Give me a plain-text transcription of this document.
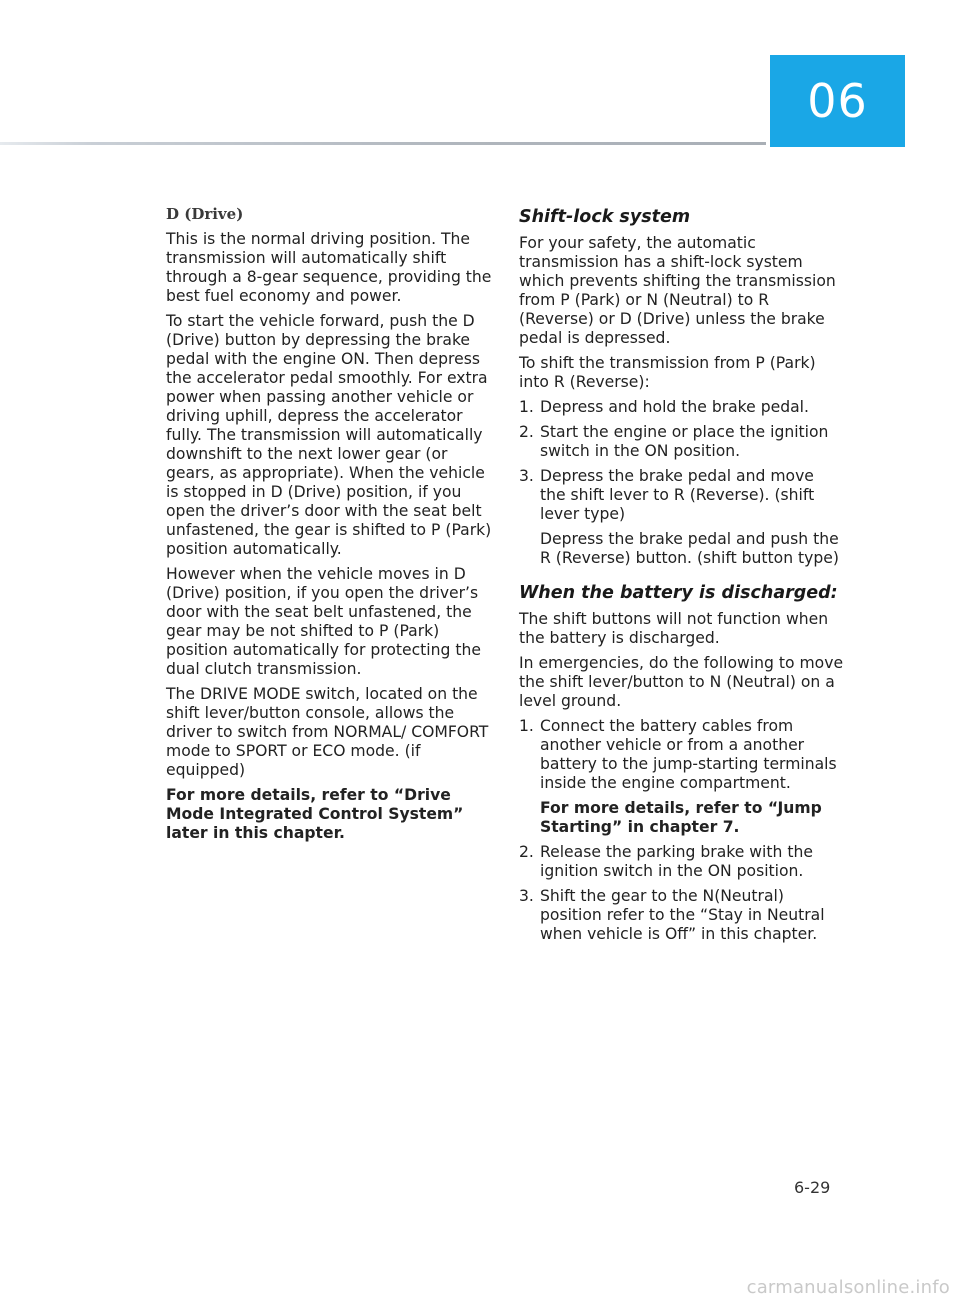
06
D (Drive)

This is the normal driving position. The transmission will automatically shift through a 8-gear sequence, providing the best fuel economy and power.

To start the vehicle forward, push the D (Drive) button by depressing the brake pedal with the engine ON. Then depress the accelerator pedal smoothly. For extra power when passing another vehicle or driving uphill, depress the accelerator fully. The transmission will automatically downshift to the next lower gear (or gears, as appropriate). When the vehicle is stopped in D (Drive) position, if you open the driver’s door with the seat belt unfastened, the gear is shifted to P (Park) position automatically.

However when the vehicle moves in D (Drive) position, if you open the driver’s door with the seat belt unfastened, the gear may be not shifted to P (Park) position automatically for protecting the dual clutch transmission.

The DRIVE MODE switch, located on the shift lever/button console, allows the driver to switch from NORMAL/ COMFORT mode to SPORT or ECO mode. (if equipped)

For more details, refer to “Drive Mode Integrated Control System” later in this chapter.

Shift-lock system

For your safety, the automatic transmission has a shift-lock system which prevents shifting the transmission from P (Park) or N (Neutral) to R (Reverse) or D (Drive) unless the brake pedal is depressed.

To shift the transmission from P (Park) into R (Reverse):

1. Depress and hold the brake pedal.
2. Start the engine or place the ignition switch in the ON position.
3. Depress the brake pedal and move the shift lever to R (Reverse). (shift lever type)

Depress the brake pedal and push the R (Reverse) button. (shift button type)

When the battery is discharged:

The shift buttons will not function when the battery is discharged.

In emergencies, do the following to move the shift lever/button to N (Neutral) on a level ground.

1. Connect the battery cables from another vehicle or from a another battery to the jump-starting terminals inside the engine compartment.

For more details, refer to “Jump Starting” in chapter 7.

2. Release the parking brake with the ignition switch in the ON position.
3. Shift the gear to the N(Neutral) position refer to the “Stay in Neutral when vehicle is Off” in this chapter.
6-29
carmanualsonline.info
